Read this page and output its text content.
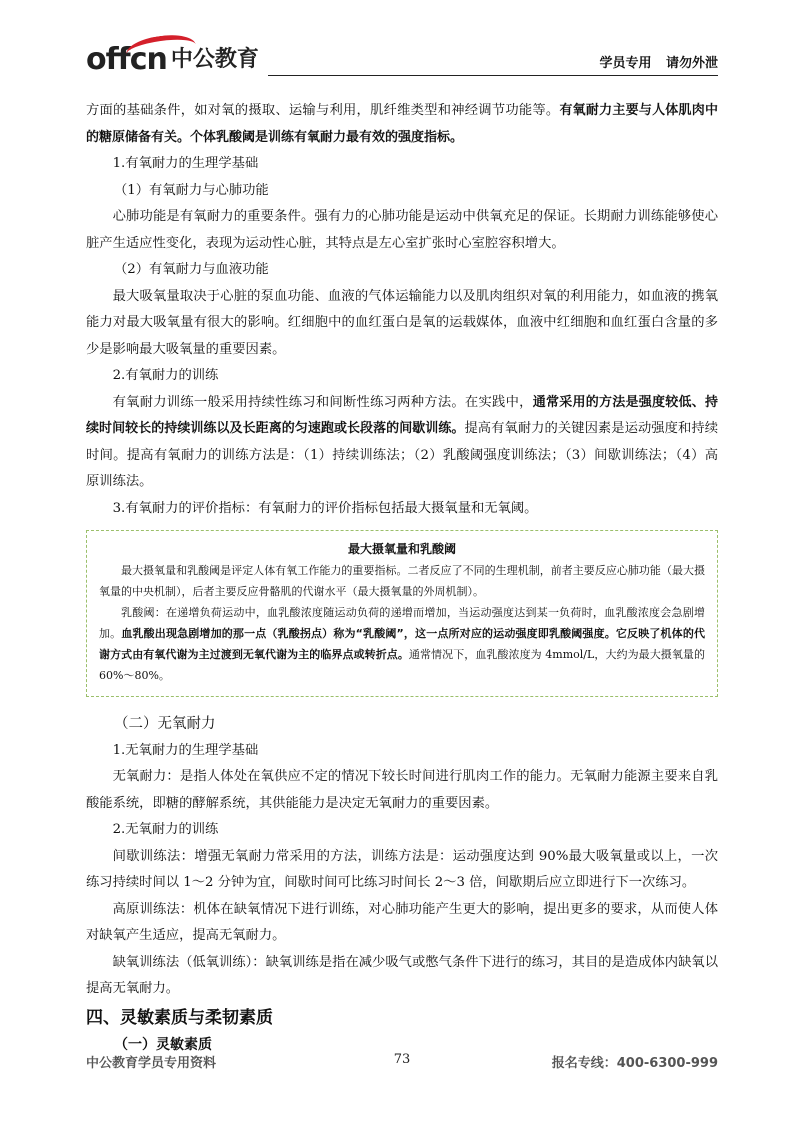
offcn 中公教育	学员专用 请勿外泄

方面的基础条件，如对氧的摄取、运输与利用，肌纤维类型和神经调节功能等。有氧耐力主要与人体肌肉中的糖原储备有关。个体乳酸阈是训练有氧耐力最有效的强度指标。

1.有氧耐力的生理学基础

（1）有氧耐力与心肺功能

心肺功能是有氧耐力的重要条件。强有力的心肺功能是运动中供氧充足的保证。长期耐力训练能够使心脏产生适应性变化，表现为运动性心脏，其特点是左心室扩张时心室腔容积增大。

（2）有氧耐力与血液功能

最大吸氧量取决于心脏的泵血功能、血液的气体运输能力以及肌肉组织对氧的利用能力，如血液的携氧能力对最大吸氧量有很大的影响。红细胞中的血红蛋白是氧的运载媒体，血液中红细胞和血红蛋白含量的多少是影响最大吸氧量的重要因素。

2.有氧耐力的训练

有氧耐力训练一般采用持续性练习和间断性练习两种方法。在实践中，通常采用的方法是强度较低、持续时间较长的持续训练以及长距离的匀速跑或长段落的间歇训练。提高有氧耐力的关键因素是运动强度和持续时间。提高有氧耐力的训练方法是：（1）持续训练法；（2）乳酸阈强度训练法；（3）间歇训练法；（4）高原训练法。

3.有氧耐力的评价指标：有氧耐力的评价指标包括最大摄氧量和无氧阈。

最大摄氧量和乳酸阈

最大摄氧量和乳酸阈是评定人体有氧工作能力的重要指标。二者反应了不同的生理机制，前者主要反应心肺功能（最大摄氧量的中央机制），后者主要反应骨骼肌的代谢水平（最大摄氧量的外周机制）。

乳酸阈：在递增负荷运动中，血乳酸浓度随运动负荷的递增而增加，当运动强度达到某一负荷时，血乳酸浓度会急剧增加。血乳酸出现急剧增加的那一点（乳酸拐点）称为“乳酸阈”，这一点所对应的运动强度即乳酸阈强度。它反映了机体的代谢方式由有氧代谢为主过渡到无氧代谢为主的临界点或转折点。通常情况下，血乳酸浓度为 4mmol/L，大约为最大摄氧量的 60%～80%。

（二）无氧耐力

1.无氧耐力的生理学基础

无氧耐力：是指人体处在氧供应不定的情况下较长时间进行肌肉工作的能力。无氧耐力能源主要来自乳酸能系统，即糖的酵解系统，其供能能力是决定无氧耐力的重要因素。

2.无氧耐力的训练

间歇训练法：增强无氧耐力常采用的方法，训练方法是：运动强度达到 90%最大吸氧量或以上，一次练习持续时间以 1～2 分钟为宜，间歇时间可比练习时间长 2～3 倍，间歇期后应立即进行下一次练习。

高原训练法：机体在缺氧情况下进行训练，对心肺功能产生更大的影响，提出更多的要求，从而使人体对缺氧产生适应，提高无氧耐力。

缺氧训练法（低氧训练）：缺氧训练是指在减少吸气或憋气条件下进行的练习，其目的是造成体内缺氧以提高无氧耐力。

四、灵敏素质与柔韧素质

（一）灵敏素质

中公教育学员专用资料	73	报名专线：400-6300-999
